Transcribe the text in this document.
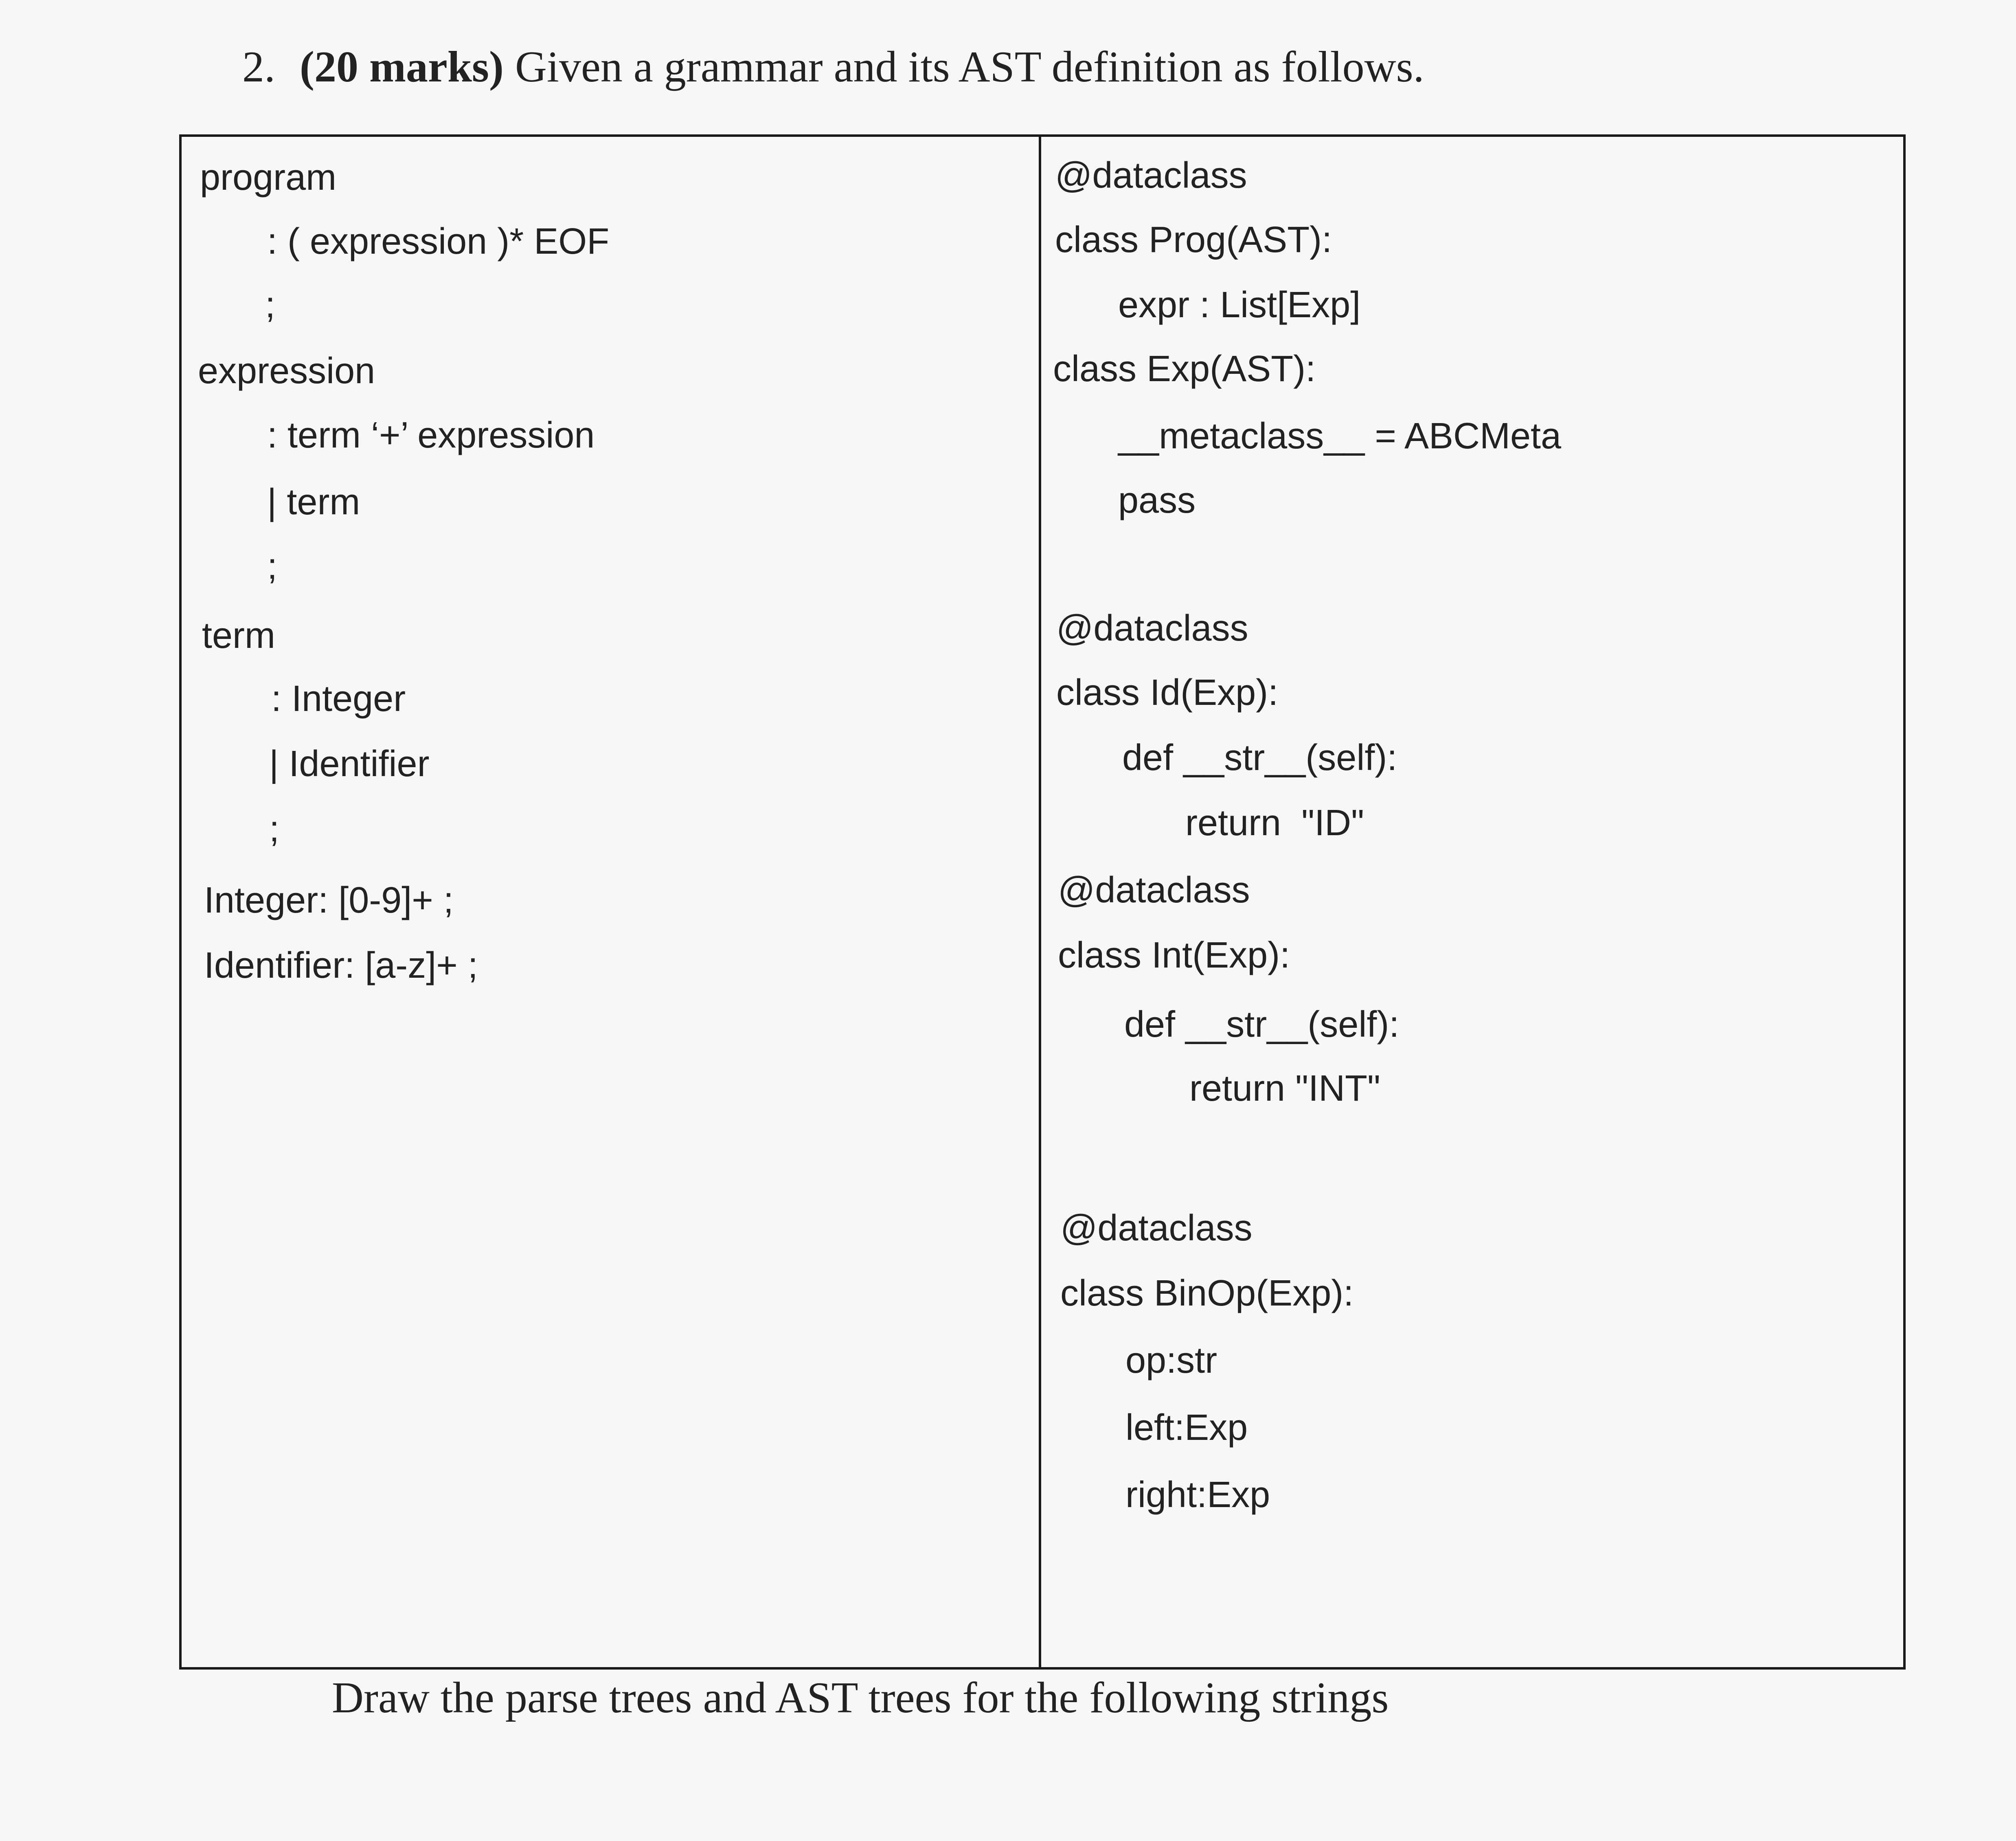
2. (20 marks) Given a grammar and its AST definition as follows.
program
: ( expression )* EOF
;
expression
: term ‘+’ expression
| term
;
term
: Integer
| Identifier
;
Integer: [0-9]+ ;
Identifier: [a-z]+ ;
@dataclass
class Prog(AST):
expr : List[Exp]
class Exp(AST):
__metaclass__ = ABCMeta
pass
@dataclass
class Id(Exp):
def __str__(self):
return  "ID"
@dataclass
class Int(Exp):
def __str__(self):
return "INT"
@dataclass
class BinOp(Exp):
op:str
left:Exp
right:Exp
Draw the parse trees and AST trees for the following strings
